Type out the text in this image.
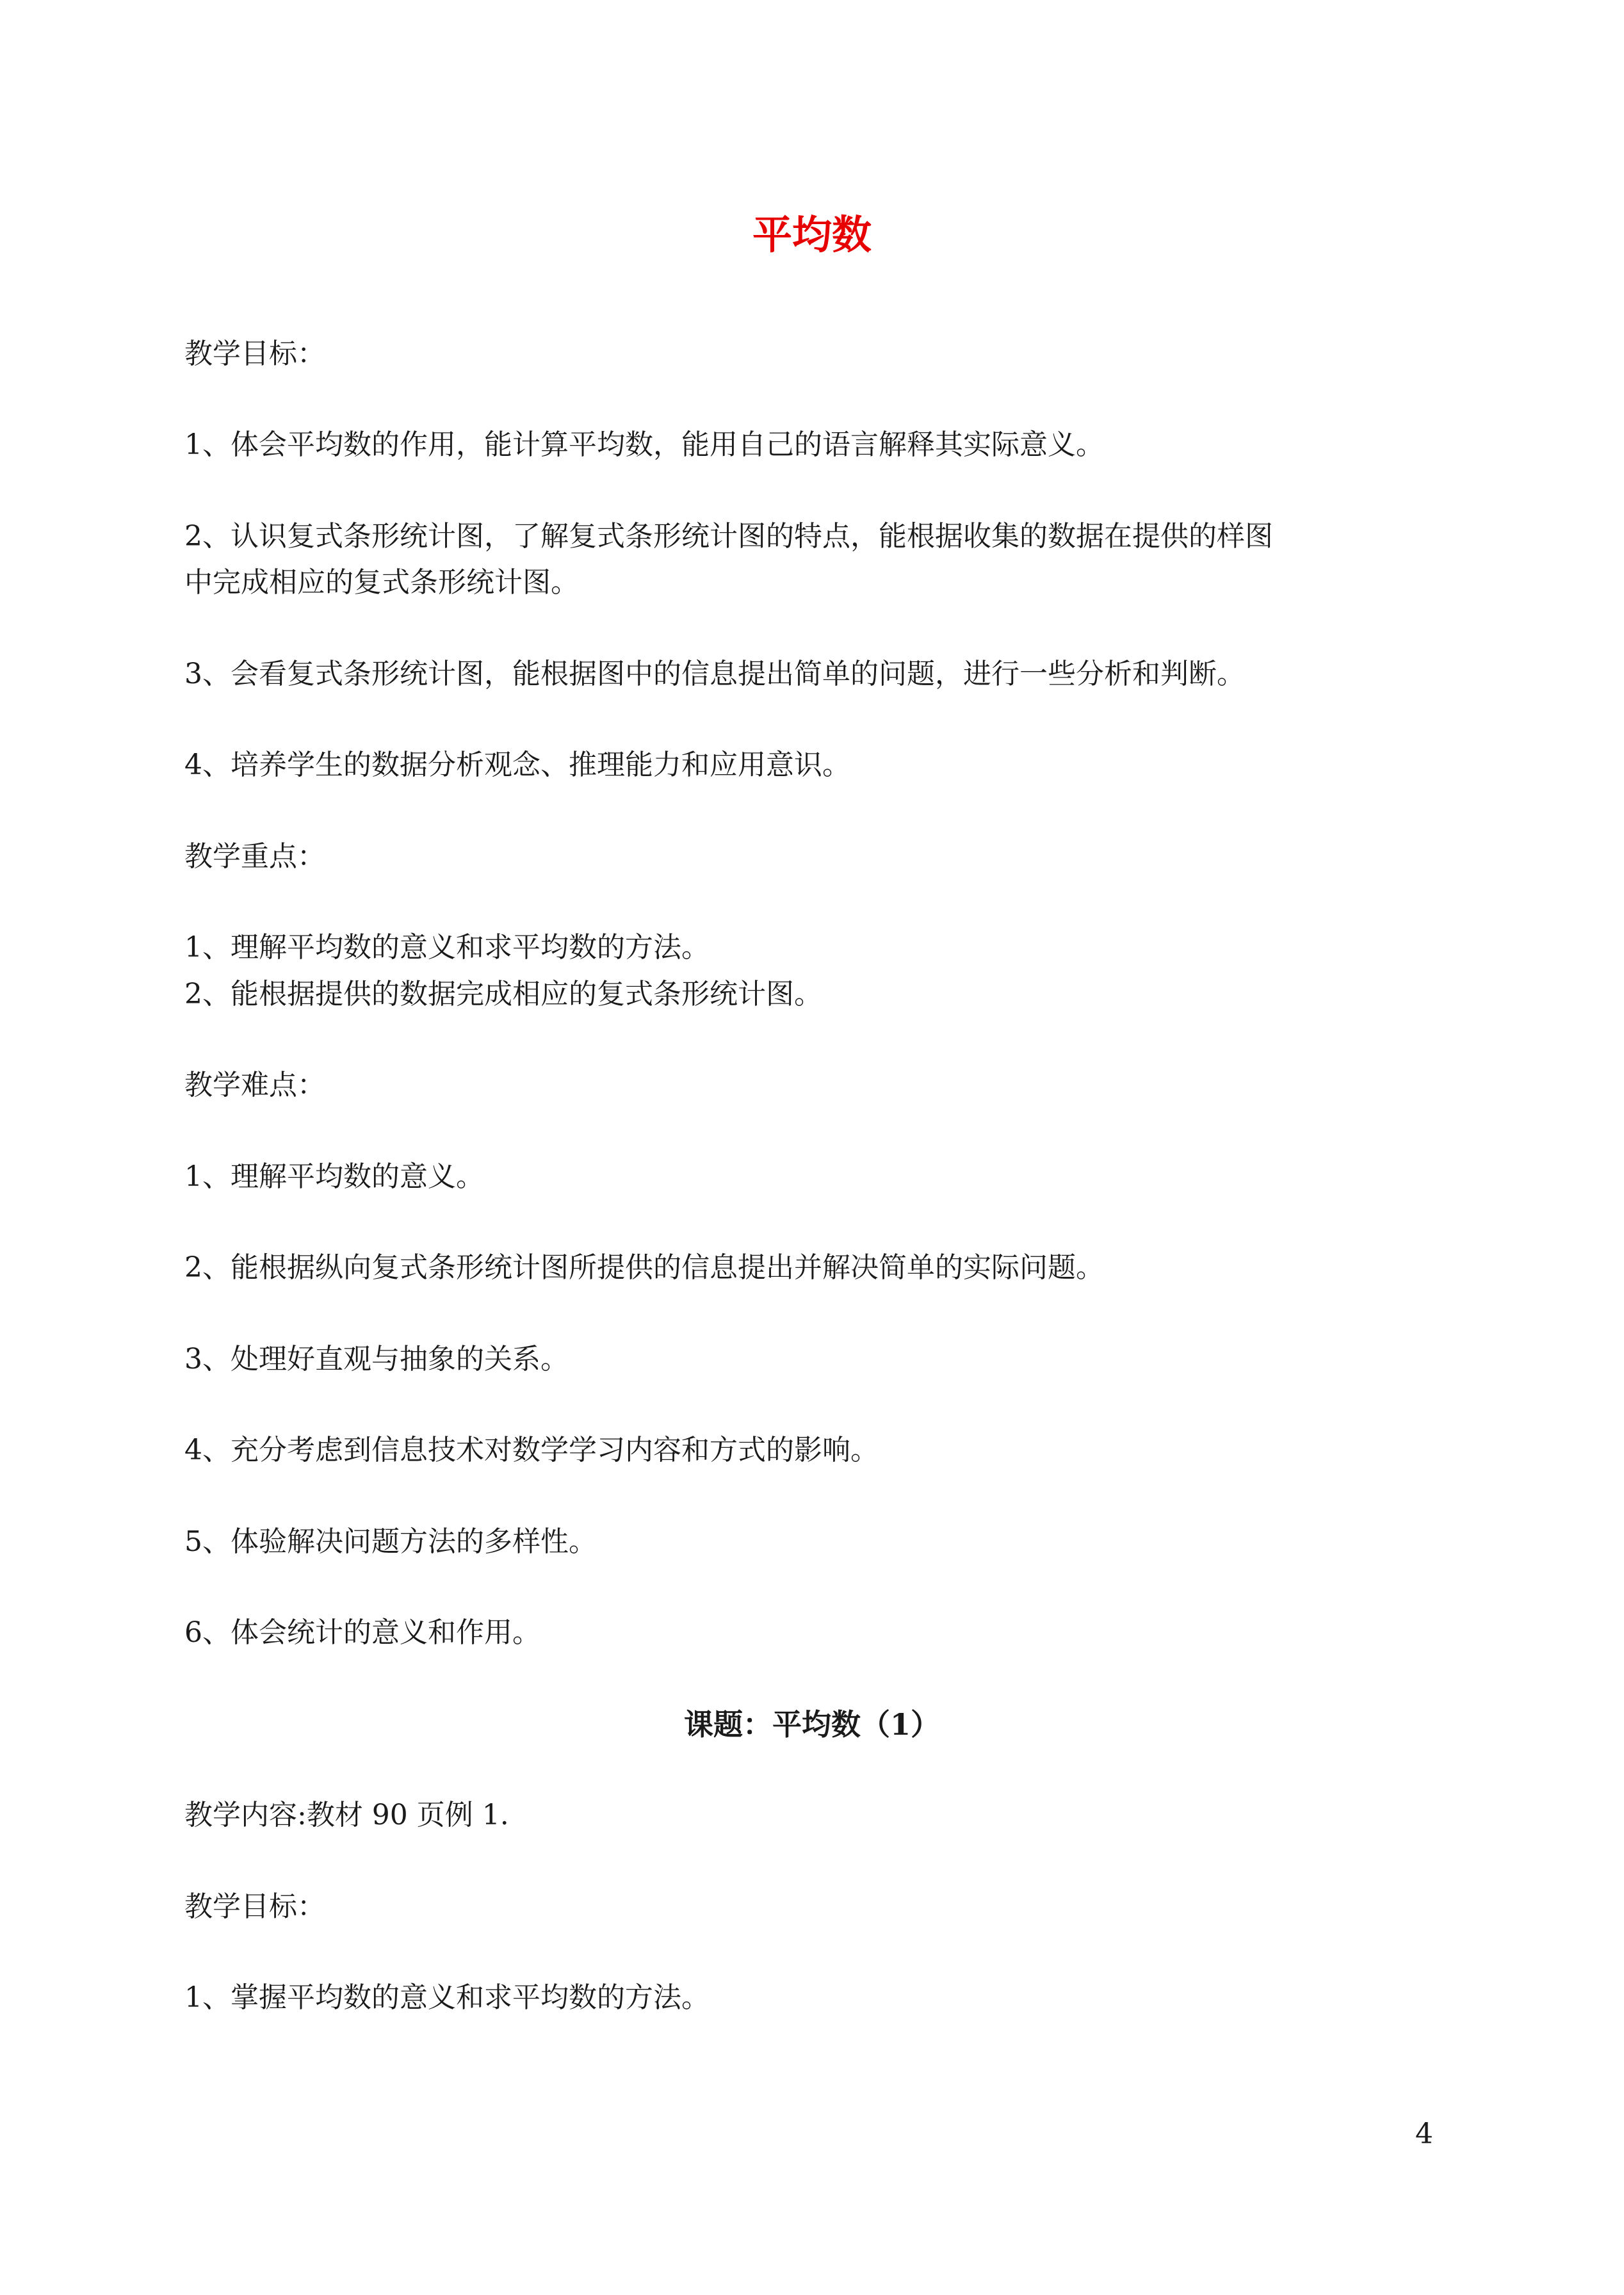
平均数
教学目标：
1、体会平均数的作用，能计算平均数，能用自己的语言解释其实际意义。
2、认识复式条形统计图，了解复式条形统计图的特点，能根据收集的数据在提供的样图
中完成相应的复式条形统计图。
3、会看复式条形统计图，能根据图中的信息提出简单的问题，进行一些分析和判断。
4、培养学生的数据分析观念、推理能力和应用意识。
教学重点：
1、理解平均数的意义和求平均数的方法。
2、能根据提供的数据完成相应的复式条形统计图。
教学难点：
1、理解平均数的意义。
2、能根据纵向复式条形统计图所提供的信息提出并解决简单的实际问题。
3、处理好直观与抽象的关系。
4、充分考虑到信息技术对数学学习内容和方式的影响。
5、体验解决问题方法的多样性。
6、体会统计的意义和作用。
课题：平均数（1）
教学内容:教材 90 页例 1.
教学目标：
1、掌握平均数的意义和求平均数的方法。
4
